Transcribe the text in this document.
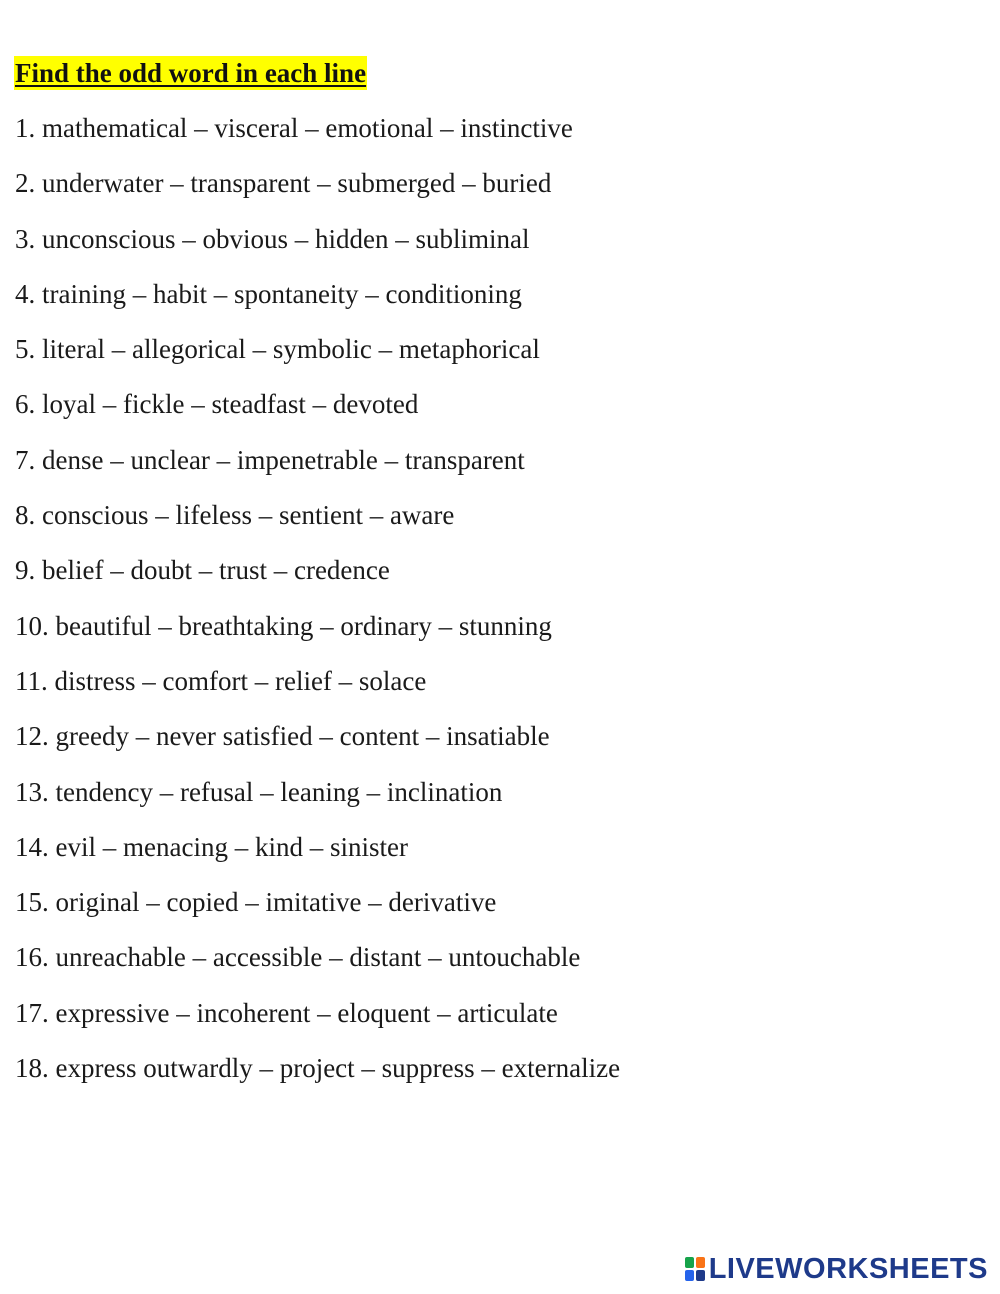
Find the odd word in each line
1. mathematical – visceral – emotional – instinctive
2. underwater – transparent – submerged – buried
3. unconscious – obvious – hidden – subliminal
4. training – habit – spontaneity – conditioning
5. literal – allegorical – symbolic – metaphorical
6. loyal – fickle – steadfast – devoted
7. dense – unclear – impenetrable – transparent
8. conscious – lifeless – sentient – aware
9. belief – doubt – trust – credence
10. beautiful – breathtaking – ordinary – stunning
11. distress – comfort – relief – solace
12. greedy – never satisfied – content – insatiable
13. tendency – refusal – leaning – inclination
14. evil – menacing – kind – sinister
15. original – copied – imitative – derivative
16. unreachable – accessible – distant – untouchable
17. expressive – incoherent – eloquent – articulate
18. express outwardly – project – suppress – externalize
LIVEWORKSHEETS
